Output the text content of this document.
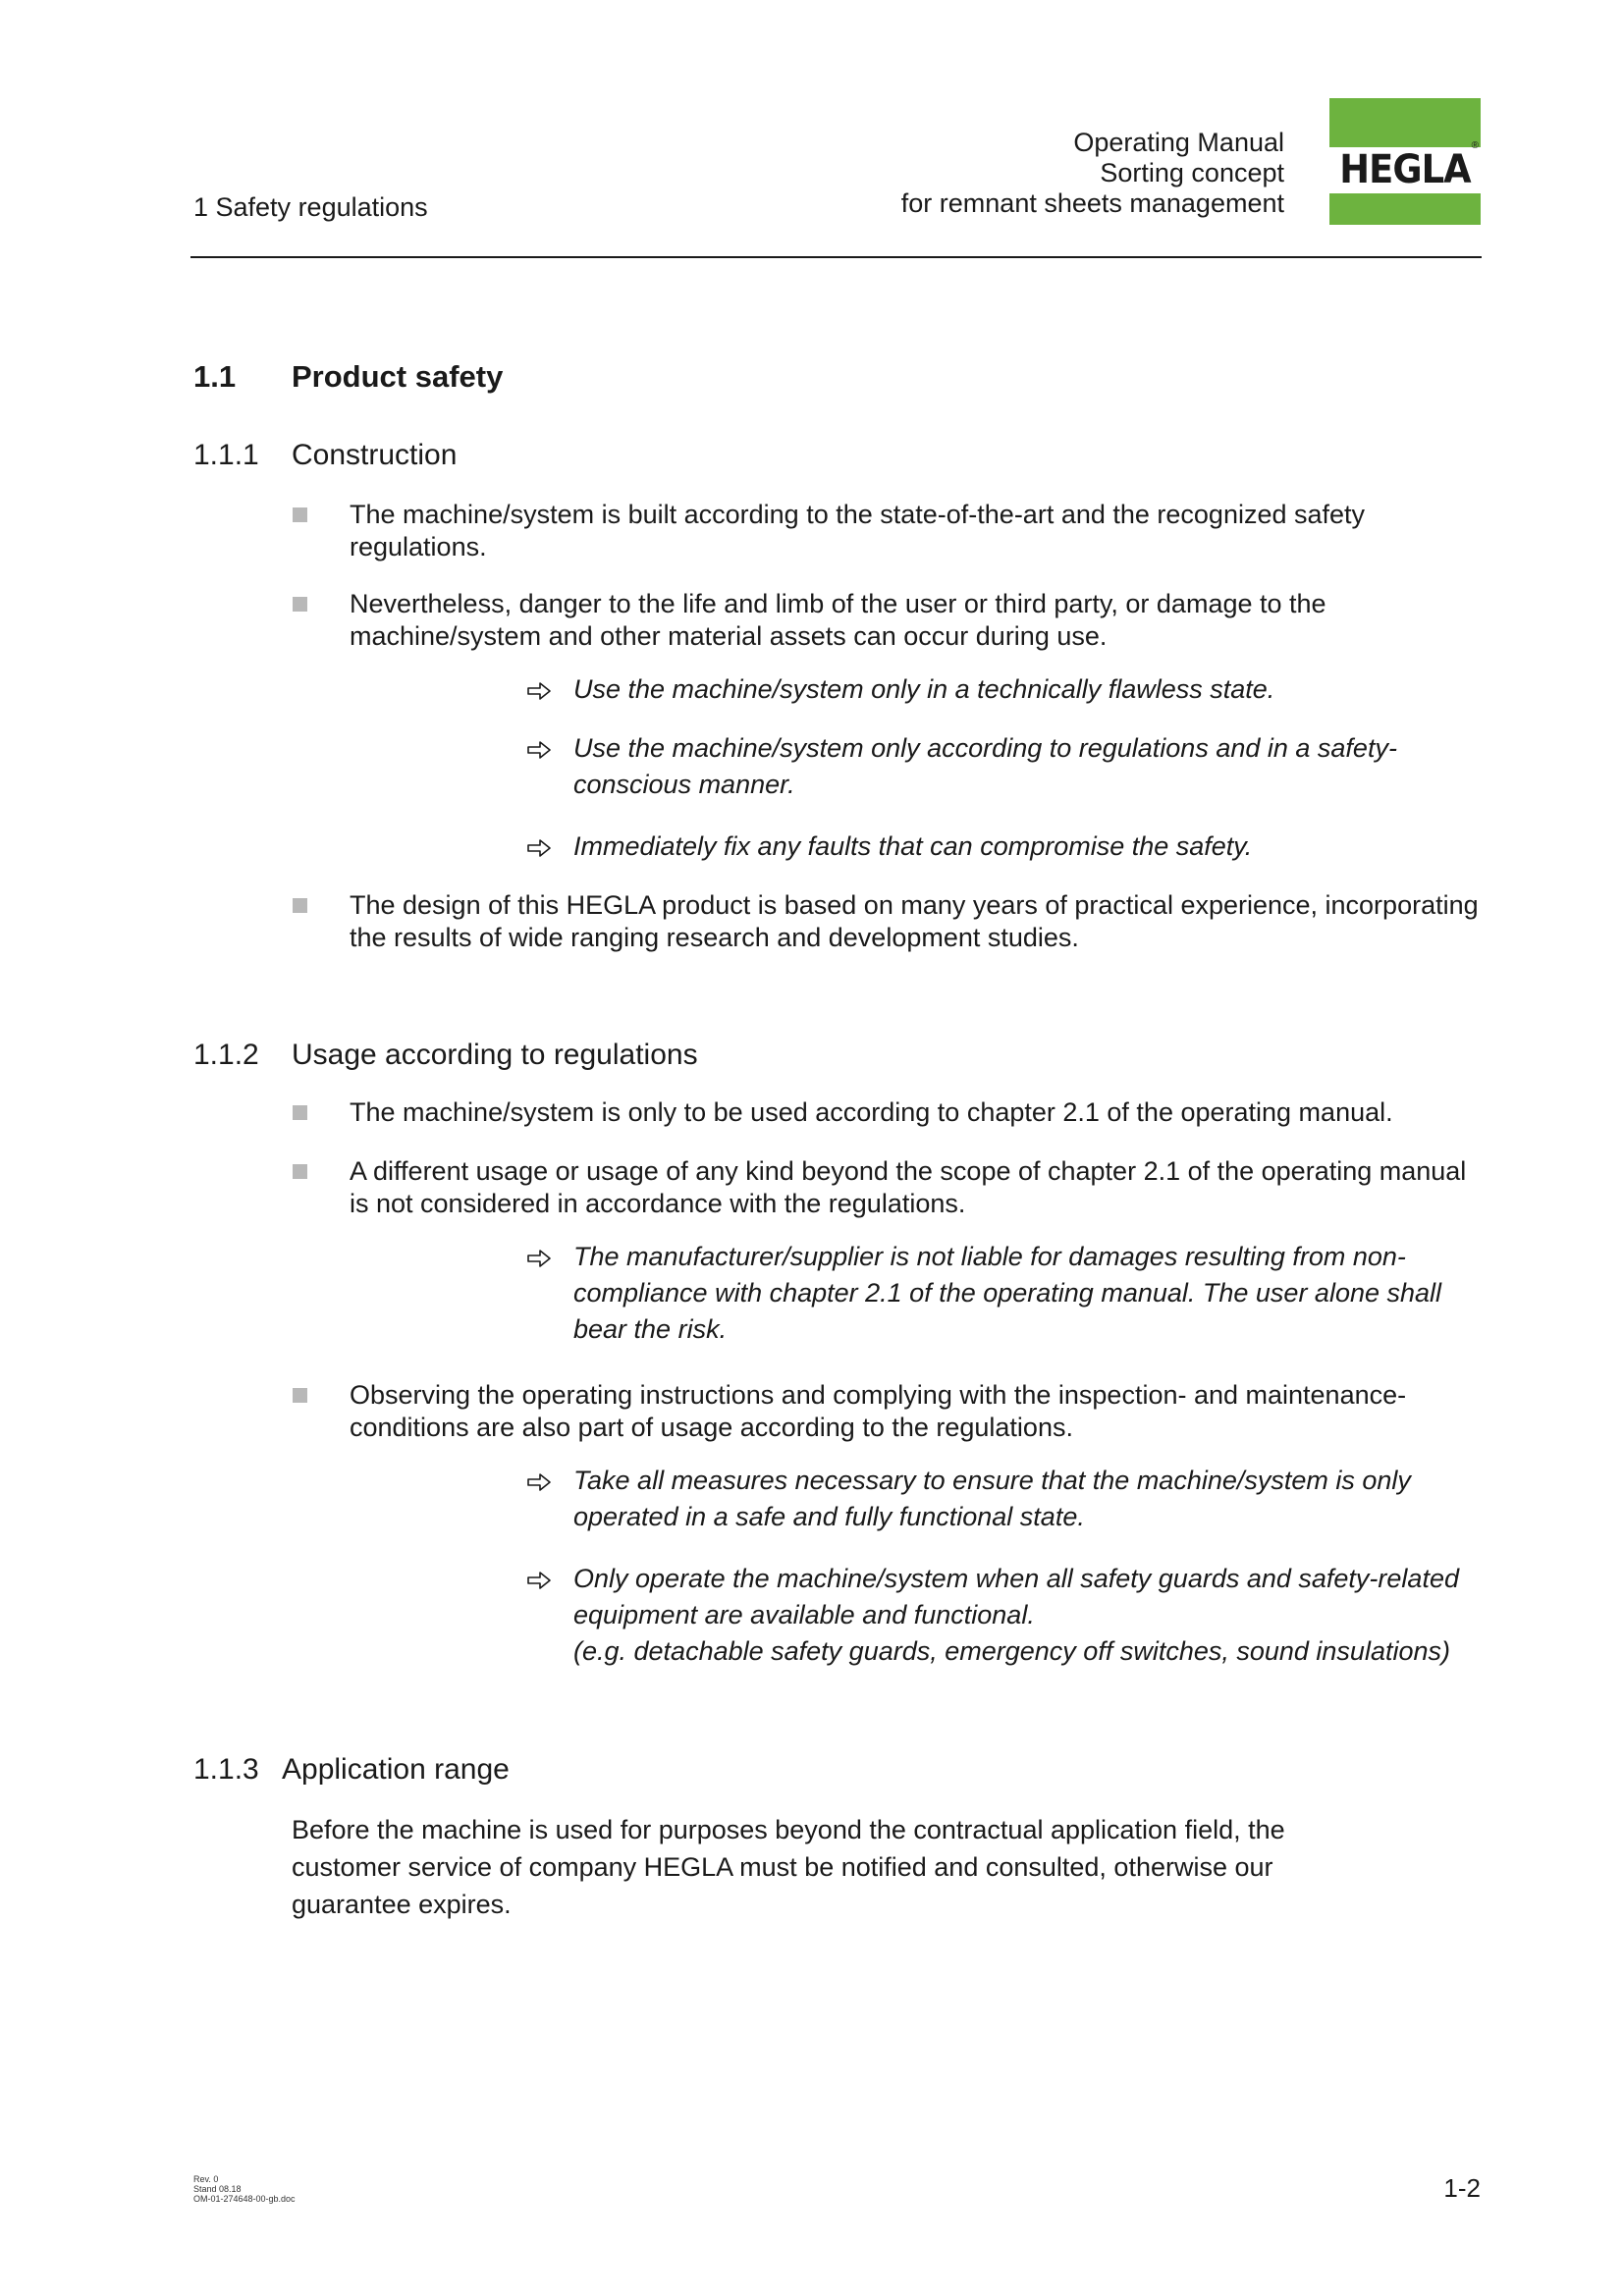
1 Safety regulations
Operating Manual
Sorting concept
for remnant sheets management
HEGLA
®
1.1 Product safety
1.1.1 Construction
The machine/system is built according to the state-of-the-art and the recognized safety regulations.
Nevertheless, danger to the life and limb of the user or third party, or damage to the machine/system and other material assets can occur during use.
Use the machine/system only in a technically flawless state.
Use the machine/system only according to regulations and in a safety-conscious manner.
Immediately fix any faults that can compromise the safety.
The design of this HEGLA product is based on many years of practical experience, incorporating the results of wide ranging research and development studies.
1.1.2 Usage according to regulations
The machine/system is only to be used according to chapter 2.1 of the operating manual.
A different usage or usage of any kind beyond the scope of chapter 2.1 of the operating manual is not considered in accordance with the regulations.
The manufacturer/supplier is not liable for damages resulting from non-compliance with chapter 2.1 of the operating manual. The user alone shall bear the risk.
Observing the operating instructions and complying with the inspection- and maintenance-conditions are also part of usage according to the regulations.
Take all measures necessary to ensure that the machine/system is only operated in a safe and fully functional state.
Only operate the machine/system when all safety guards and safety-related equipment are available and functional.
(e.g. detachable safety guards, emergency off switches, sound insulations)
1.1.3 Application range
Before the machine is used for purposes beyond the contractual application field, the customer service of company HEGLA must be notified and consulted, otherwise our guarantee expires.
Rev. 0
Stand 08.18
OM-01-274648-00-gb.doc	1-2
